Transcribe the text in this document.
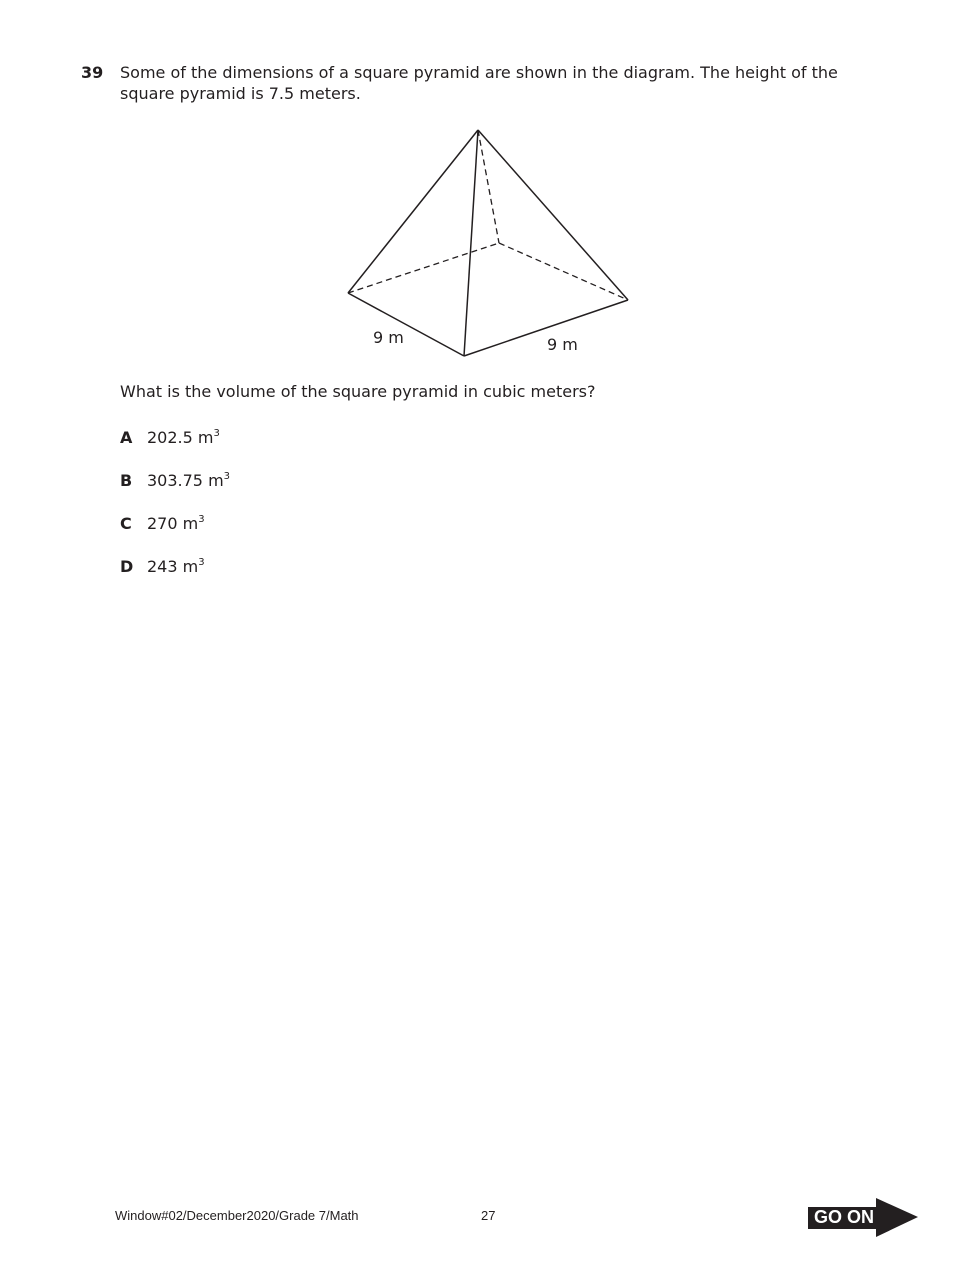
39 Some of the dimensions of a square pyramid are shown in the diagram. The height of the square pyramid is 7.5 meters.
9 m	9 m
What is the volume of the square pyramid in cubic meters?
A 202.5 $m^3$
B 303.75 $m^3$
C 270 $m^3$
D 243 $m^3$
Window#02/December2020/Grade 7/Math	27	GO ON
